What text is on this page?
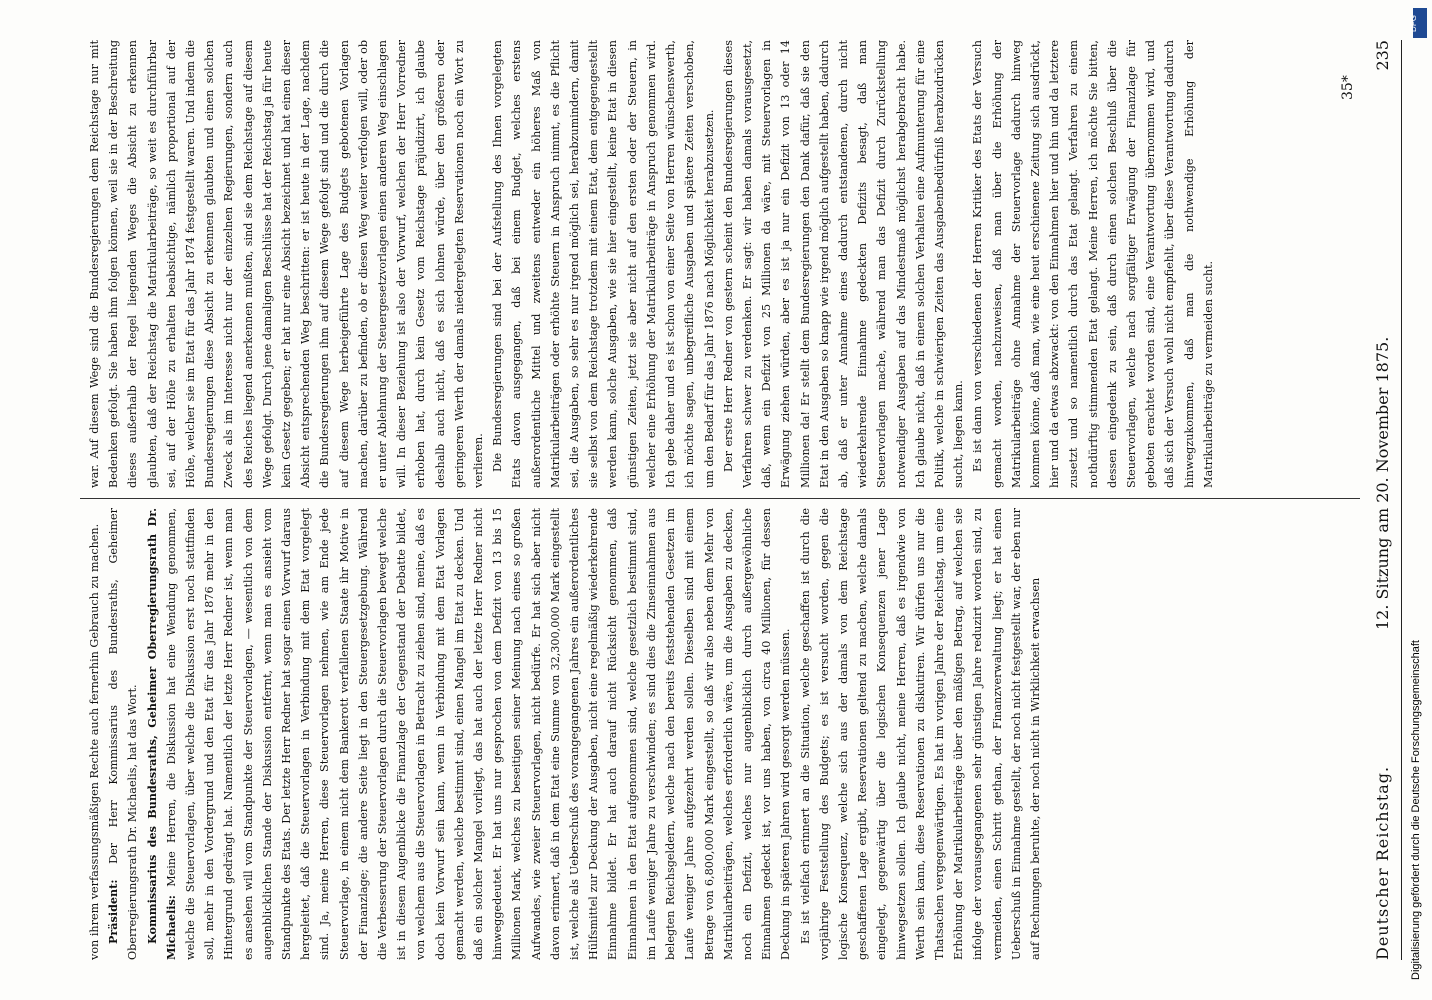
Deutscher Reichstag.
12. Sitzung am 20. November 1875.
235

von ihrem verfassungsmäßigen Rechte auch fernerhin Gebrauch zu machen. Präsident: Der Herr Kommissarius des Bundesraths, Geheimer Oberregierungsrath Dr. Michaelis, hat das Wort. Kommissarius des Bundesraths, Geheimer Oberregierungsrath Dr. Michaelis: Meine Herren, die Diskussion hat eine Wendung genommen, welche die Steuervorlagen, über welche die Diskussion erst noch stattfinden soll, mehr in den Vordergrund und den Etat für das Jahr 1876 mehr in den Hintergrund gedrängt hat. Namentlich der letzte Herr Redner ist, wenn man es ansehen will vom Standpunkte der Steuervorlagen, — wesentlich von dem augenblicklichen Stande der Diskussion entfernt, wenn man es ansieht vom Standpunkte des Etats. Der letzte Herr Redner hat sogar einen Vorwurf daraus hergeleitet, daß die Steuervorlagen in Verbindung mit dem Etat vorgelegt sind. Ja, meine Herren, diese Steuervorlagen nehmen, wie am Ende jede Steuervorlage, in einem nicht dem Bankerott verfallenen Staate ihr Motive in der Finanzlage; die andere Seite liegt in den Steuergesetzgebung. Während die Verbesserung der Steuervorlagen durch die Steuervorlagen bewegt welche ist in diesem Augenblicke die Finanzlage der Gegenstand der Debatte bildet, von welchem aus die Steuervorlagen in Betracht zu ziehen sind, meine, daß es doch kein Vorwurf sein kann, wenn in Verbindung mit dem Etat Vorlagen gemacht werden, welche bestimmt sind, einen Mangel im Etat zu decken. Und daß ein solcher Mangel vorliegt, das hat auch der letzte Herr Redner nicht hinweggedeutet. Er hat uns nur gesprochen von dem Defizit von 13 bis 15 Millionen Mark, welches zu beseitigen seiner Meinung nach eines so großen Aufwandes, wie zweier Steuervorlagen, nicht bedürfe. Er hat sich aber nicht davon erinnert, daß in dem Etat eine Summe von 32,300,000 Mark eingestellt ist, welche als Ueberschuß des vorangegangenen Jahres ein außerordentliches Hülfsmittel zur Deckung der Ausgaben, nicht eine regelmäßig wiederkehrende Einnahme bildet. Er hat auch darauf nicht Rücksicht genommen, daß Einnahmen in den Etat aufgenommen sind, welche gesetzlich bestimmt sind, im Laufe weniger Jahre zu verschwinden; es sind dies die Zinseinnahmen aus belegten Reichsgeldern, welche nach den bereits feststehenden Gesetzen im Laufe weniger Jahre aufgezehrt werden sollen. Dieselben sind mit einem Betrage von 6,800,000 Mark eingestellt, so daß wir also neben dem Mehr von Matrikularbeiträgen, welches erforderlich wäre, um die Ausgaben zu decken, noch ein Defizit, welches nur augenblicklich durch außergewöhnliche Einnahmen gedeckt ist, vor uns haben, von circa 40 Millionen, für dessen Deckung in späteren Jahren wird gesorgt werden müssen. Es ist vielfach erinnert an die Situation, welche geschaffen ist durch die vorjährige Feststellung des Budgets; es ist versucht worden, gegen die logische Konsequenz, welche sich aus der damals von dem Reichstage geschaffenen Lage ergibt, Reservationen geltend zu machen, welche damals eingelegt, gegenwärtig über die logischen Konsequenzen jener Lage hinwegsetzen sollen. Ich glaube nicht, meine Herren, daß es irgendwie von Werth sein kann, diese Reservationen zu diskutiren. Wir dürfen uns nur die Thatsachen vergegenwärtigen. Es hat im vorigen Jahre der Reichstag, um eine Erhöhung der Matrikularbeiträge über den mäßigen Betrag, auf welchen sie infolge der vorausgegangenen sehr günstigen Jahre reduzirt worden sind, zu vermeiden, einen Schritt gethan, der Finanzverwaltung liegt; er hat einen Ueberschuß in Einnahme gestellt, der noch nicht festgestellt war, der eben nur auf Rechnungen beruhte, der noch nicht in Wirklichkeit erwachsen

war. Auf diesem Wege sind die Bundesregierungen dem Reichstage nur mit Bedenken gefolgt. Sie haben ihm folgen können, weil sie in der Beschreitung dieses außerhalb der Regel liegenden Weges die Absicht zu erkennen glaubten, daß der Reichstag die Matrikularbeiträge, so weit es durchführbar sei, auf der Höhe zu erhalten beabsichtige, nämlich proportional auf der Höhe, welcher sie im Etat für das Jahr 1874 festgestellt waren. Und indem die Bundesregierungen diese Absicht zu erkennen glaubten und einen solchen Zweck als im Interesse nicht nur der einzelnen Regierungen, sondern auch des Reiches liegend anerkennen mußten, sind sie dem Reichstage auf diesem Wege gefolgt. Durch jene damaligen Beschlüsse hat der Reichstag ja für heute kein Gesetz gegeben; er hat nur eine Absicht bezeichnet und hat einen dieser Absicht entsprechenden Weg beschritten: er ist heute in der Lage, nachdem die Bundesregierungen ihm auf diesem Wege gefolgt sind und die durch die auf diesem Wege herbeigeführte Lage des Budgets gebotenen Vorlagen machen, darüber zu befinden, ob er diesen Weg weiter verfolgen will, oder ob er unter Ablehnung der Steuergesetzvorlagen einen anderen Weg einschlagen will. In dieser Beziehung ist also der Vorwurf, welchen der Herr Vorredner erhoben hat, durch kein Gesetz vom Reichstage präjudizirt, ich glaube deshalb auch nicht, daß es sich lohnen würde, über den größeren oder geringeren Werth der damals niedergelegten Reservationen noch ein Wort zu verlieren. Die Bundesregierungen sind bei der Aufstellung des Ihnen vorgelegten Etats davon ausgegangen, daß bei einem Budget, welches erstens außerordentliche Mittel und zweitens entweder ein höheres Maß von Matrikularbeiträgen oder erhöhte Steuern in Anspruch nimmt, es die Pflicht sei, die Ausgaben, so sehr es nur irgend möglich sei, herabzumindern, damit sie selbst von dem Reichstage trotzdem mit einem Etat, dem entgegengestellt werden kann, solche Ausgaben, wie sie hier eingestellt, keine Etat in diesen günstigen Zeiten, jetzt sie aber nicht auf den ersten oder der Steuern, in welcher eine Erhöhung der Matrikularbeiträge in Anspruch genommen wird. Ich gebe daher und es ist schon von einer Seite von Herren wünschenswerth, ich möchte sagen, unbegreifliche Ausgaben und spätere Zeiten verschoben, um den Bedarf für das Jahr 1876 nach Möglichkeit herabzusetzen. Der erste Herr Redner von gestern scheint den Bundesregierungen dieses Verfahren schwer zu verdenken. Er sagt: wir haben damals vorausgesetzt, daß, wenn ein Defizit von 25 Millionen da wäre, mit Steuervorlagen in Erwägung ziehen würden, aber es ist ja nur ein Defizit von 13 oder 14 Millionen da! Er stellt dem Bundesregierungen den Dank dafür, daß sie den Etat in den Ausgaben so knapp wie irgend möglich aufgestellt haben, dadurch ab, daß er unter Annahme eines dadurch entstandenen, durch nicht wiederkehrende Einnahme gedeckten Defizits besagt, daß man Steuervorlagen mache, während man das Defizit durch Zurückstellung notwendiger Ausgaben auf das Mindestmaß möglichst herabgebracht habe. Ich glaube nicht, daß in einem solchen Verhalten eine Aufmunterung für eine Politik, welche in schwierigen Zeiten das Ausgabenbedürfniß herabzudrücken sucht, liegen kann. Es ist dann von verschiedenen der Herren Kritiker des Etats der Versuch gemacht worden, nachzuweisen, daß man über die Erhöhung der Matrikularbeiträge ohne Annahme der Steuervorlage dadurch hinweg kommen könne, daß man, wie eine heut erschienene Zeitung sich ausdrückt, hier und da etwas abzwackt: von den Einnahmen hier und hin und da letztere zusetzt und so namentlich durch das Etat gelangt. Verfahren zu einem nothdürftig stimmenden Etat gelangt. Meine Herren, ich möchte Sie bitten, dessen eingedenk zu sein, daß durch einen solchen Beschluß über die Steuervorlagen, welche nach sorgfältiger Erwägung der Finanzlage für geboten erachtet worden sind, eine Verantwortung übernommen wird, und daß sich der Versuch wohl nicht empfiehlt, über diese Verantwortung dadurch hinwegzukommen, daß man die nothwendige Erhöhung der Matrikularbeiträge zu vermeiden sucht.

35*
DFG
Digitalisierung gefördert durch die Deutsche Forschungsgemeinschaft
